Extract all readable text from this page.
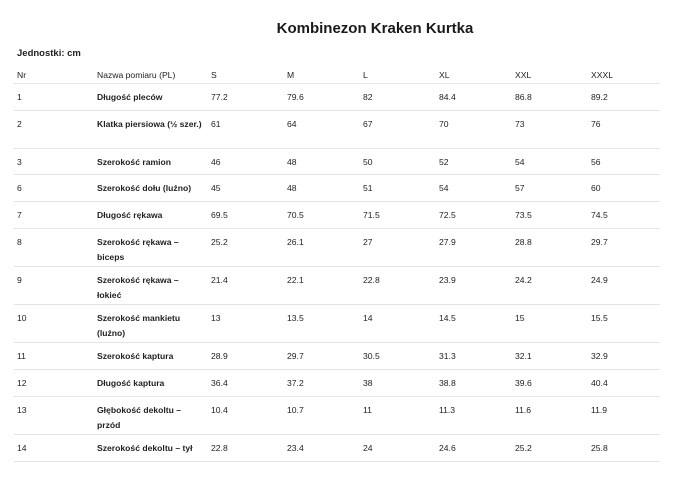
Kombinezon Kraken Kurtka
Jednostki: cm
Nr	Nazwa pomiaru (PL)	S	M	L	XL	XXL	XXXL
1	Długość pleców	77.2	79.6	82	84.4	86.8	89.2
2	Klatka piersiowa (½ szer.)	61	64	67	70	73	76
3	Szerokość ramion	46	48	50	52	54	56
6	Szerokość dołu (luźno)	45	48	51	54	57	60
7	Długość rękawa	69.5	70.5	71.5	72.5	73.5	74.5
8	Szerokość rękawa – biceps	25.2	26.1	27	27.9	28.8	29.7
9	Szerokość rękawa – łokieć	21.4	22.1	22.8	23.9	24.2	24.9
10	Szerokość mankietu (luźno)	13	13.5	14	14.5	15	15.5
11	Szerokość kaptura	28.9	29.7	30.5	31.3	32.1	32.9
12	Długość kaptura	36.4	37.2	38	38.8	39.6	40.4
13	Głębokość dekoltu – przód	10.4	10.7	11	11.3	11.6	11.9
14	Szerokość dekoltu – tył	22.8	23.4	24	24.6	25.2	25.8
